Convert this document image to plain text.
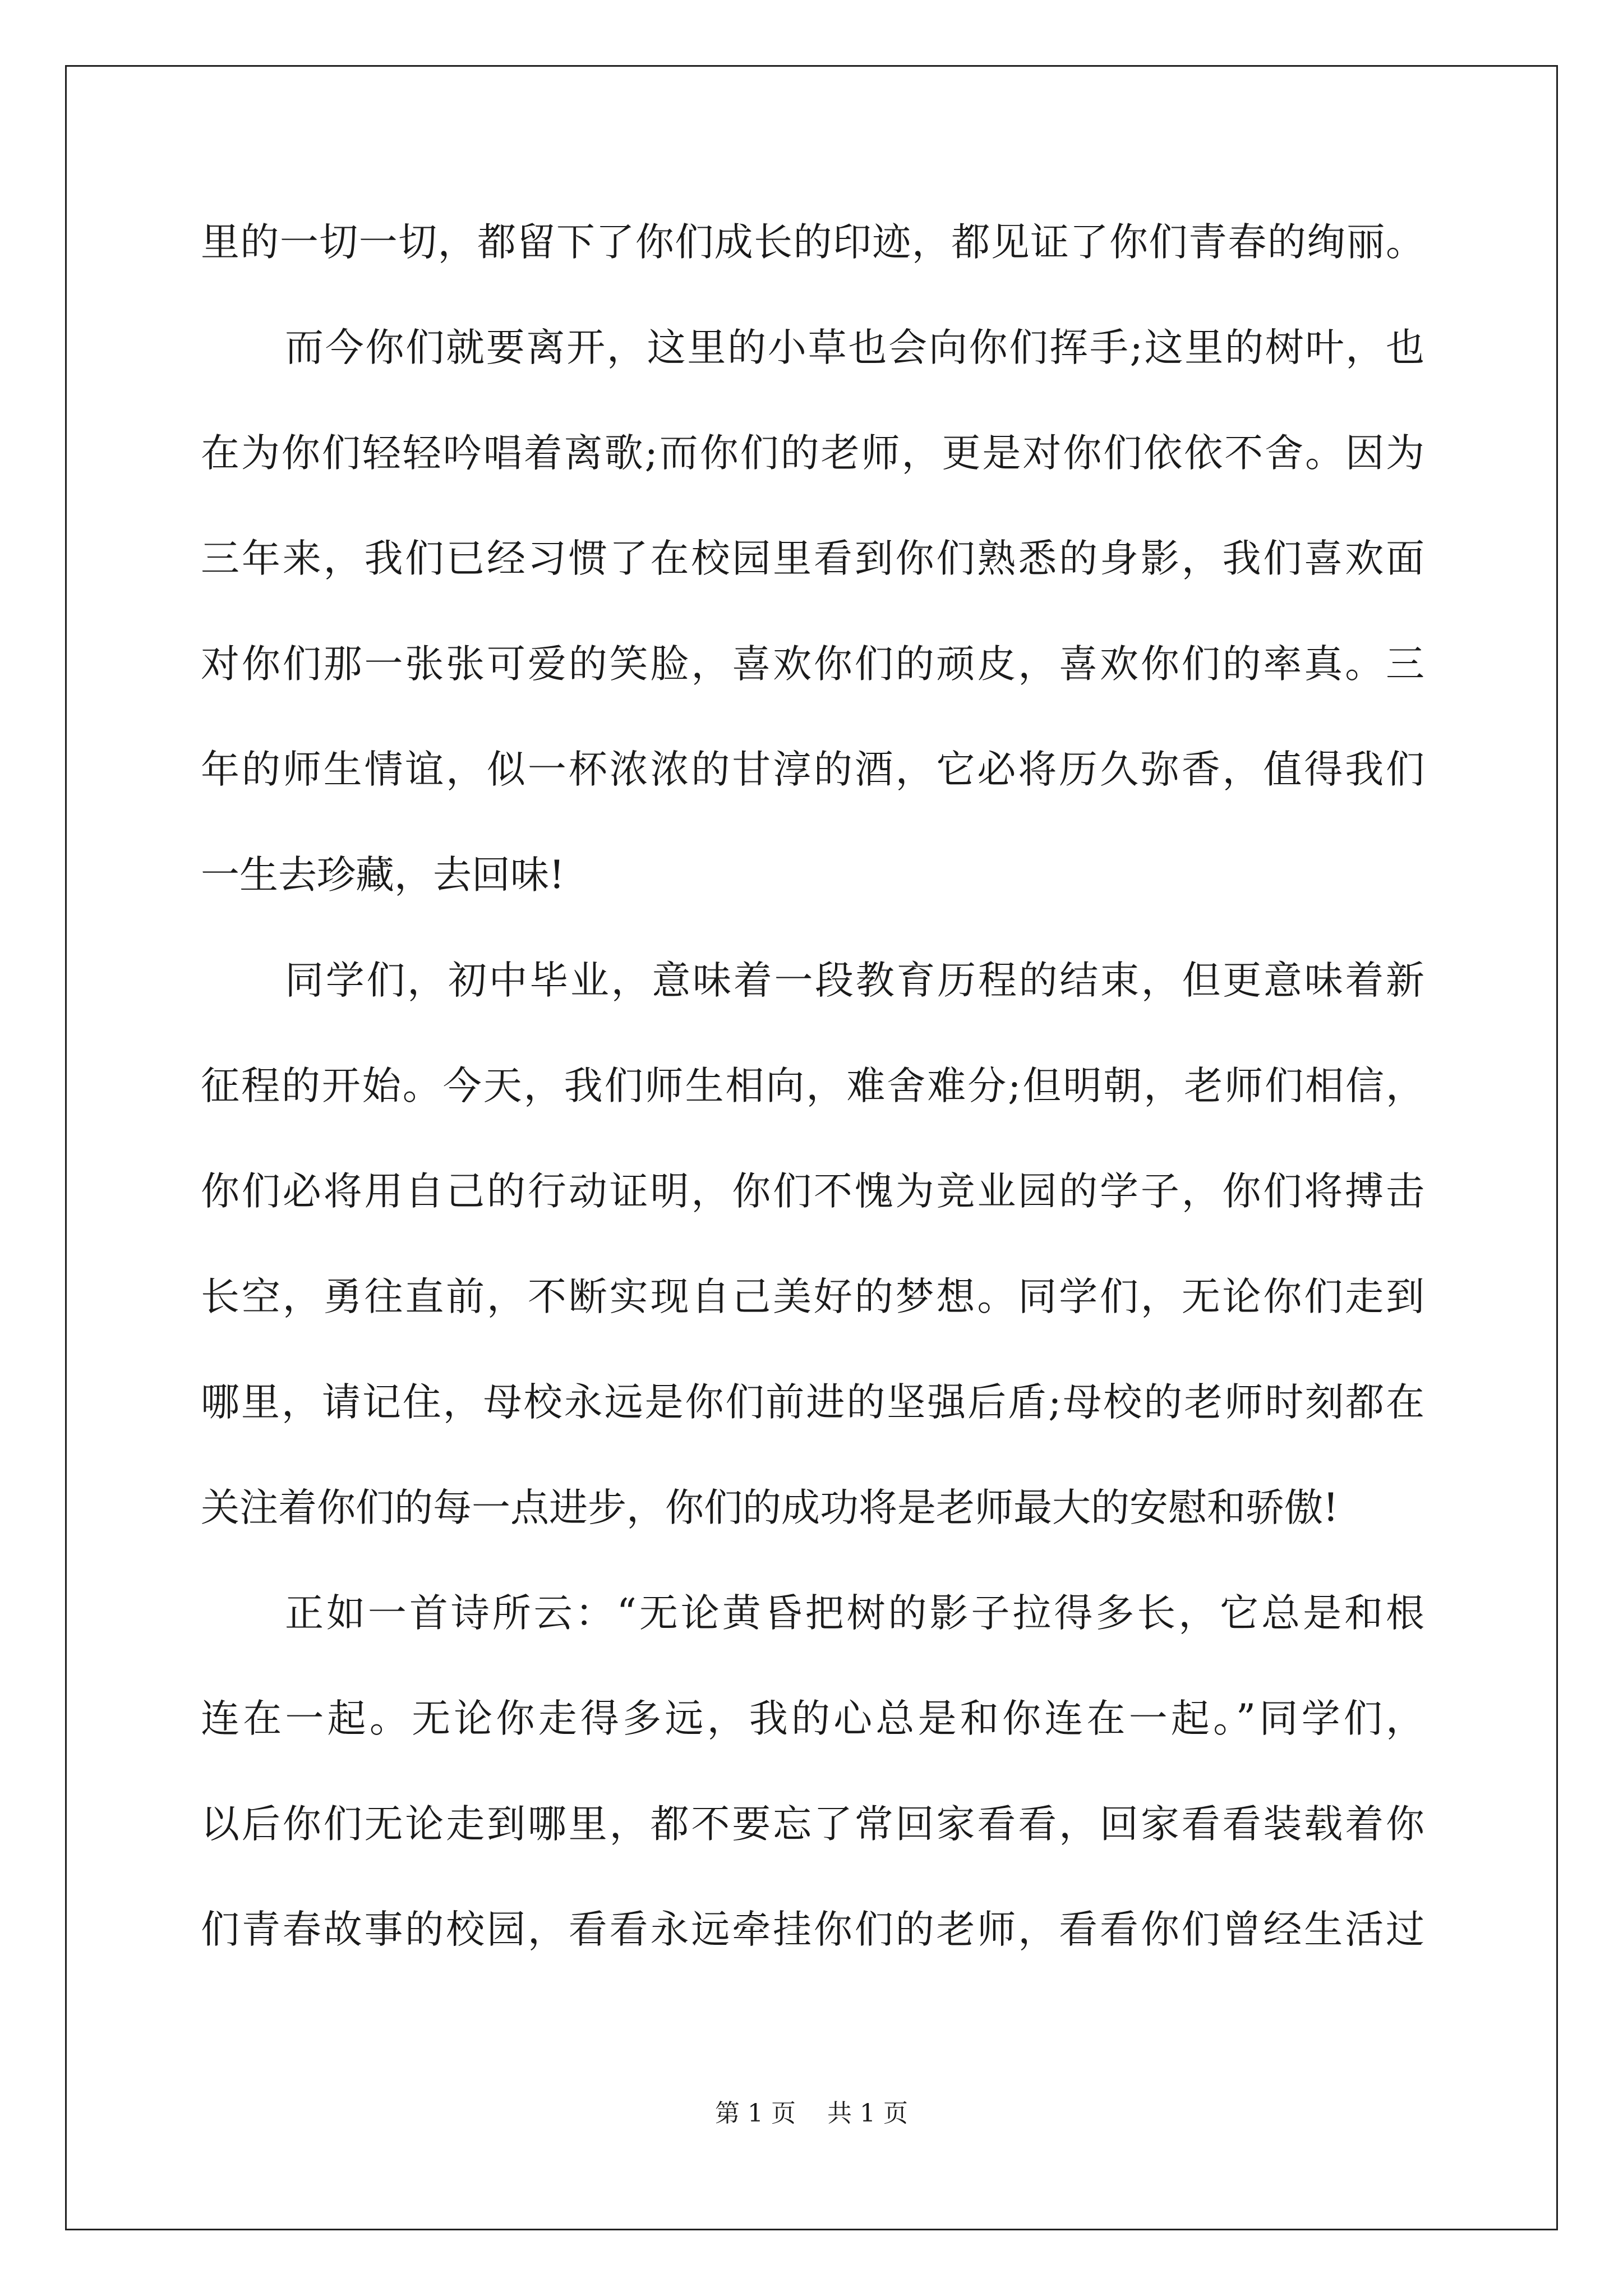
里的一切一切，都留下了你们成长的印迹，都见证了你们青春的绚丽。
而今你们就要离开，这里的小草也会向你们挥手;这里的树叶，也
在为你们轻轻吟唱着离歌;而你们的老师，更是对你们依依不舍。因为
三年来，我们已经习惯了在校园里看到你们熟悉的身影，我们喜欢面
对你们那一张张可爱的笑脸，喜欢你们的顽皮，喜欢你们的率真。三
年的师生情谊，似一杯浓浓的甘淳的酒，它必将历久弥香，值得我们
一生去珍藏，去回味!
同学们，初中毕业，意味着一段教育历程的结束，但更意味着新
征程的开始。今天，我们师生相向，难舍难分;但明朝，老师们相信，
你们必将用自己的行动证明，你们不愧为竞业园的学子，你们将搏击
长空，勇往直前，不断实现自己美好的梦想。同学们，无论你们走到
哪里，请记住，母校永远是你们前进的坚强后盾;母校的老师时刻都在
关注着你们的每一点进步，你们的成功将是老师最大的安慰和骄傲!
正如一首诗所云：“无论黄昏把树的影子拉得多长，它总是和根
连在一起。无论你走得多远，我的心总是和你连在一起。”同学们，
以后你们无论走到哪里，都不要忘了常回家看看，回家看看装载着你
们青春故事的校园，看看永远牵挂你们的老师，看看你们曾经生活过
第 1 页 共 1 页
